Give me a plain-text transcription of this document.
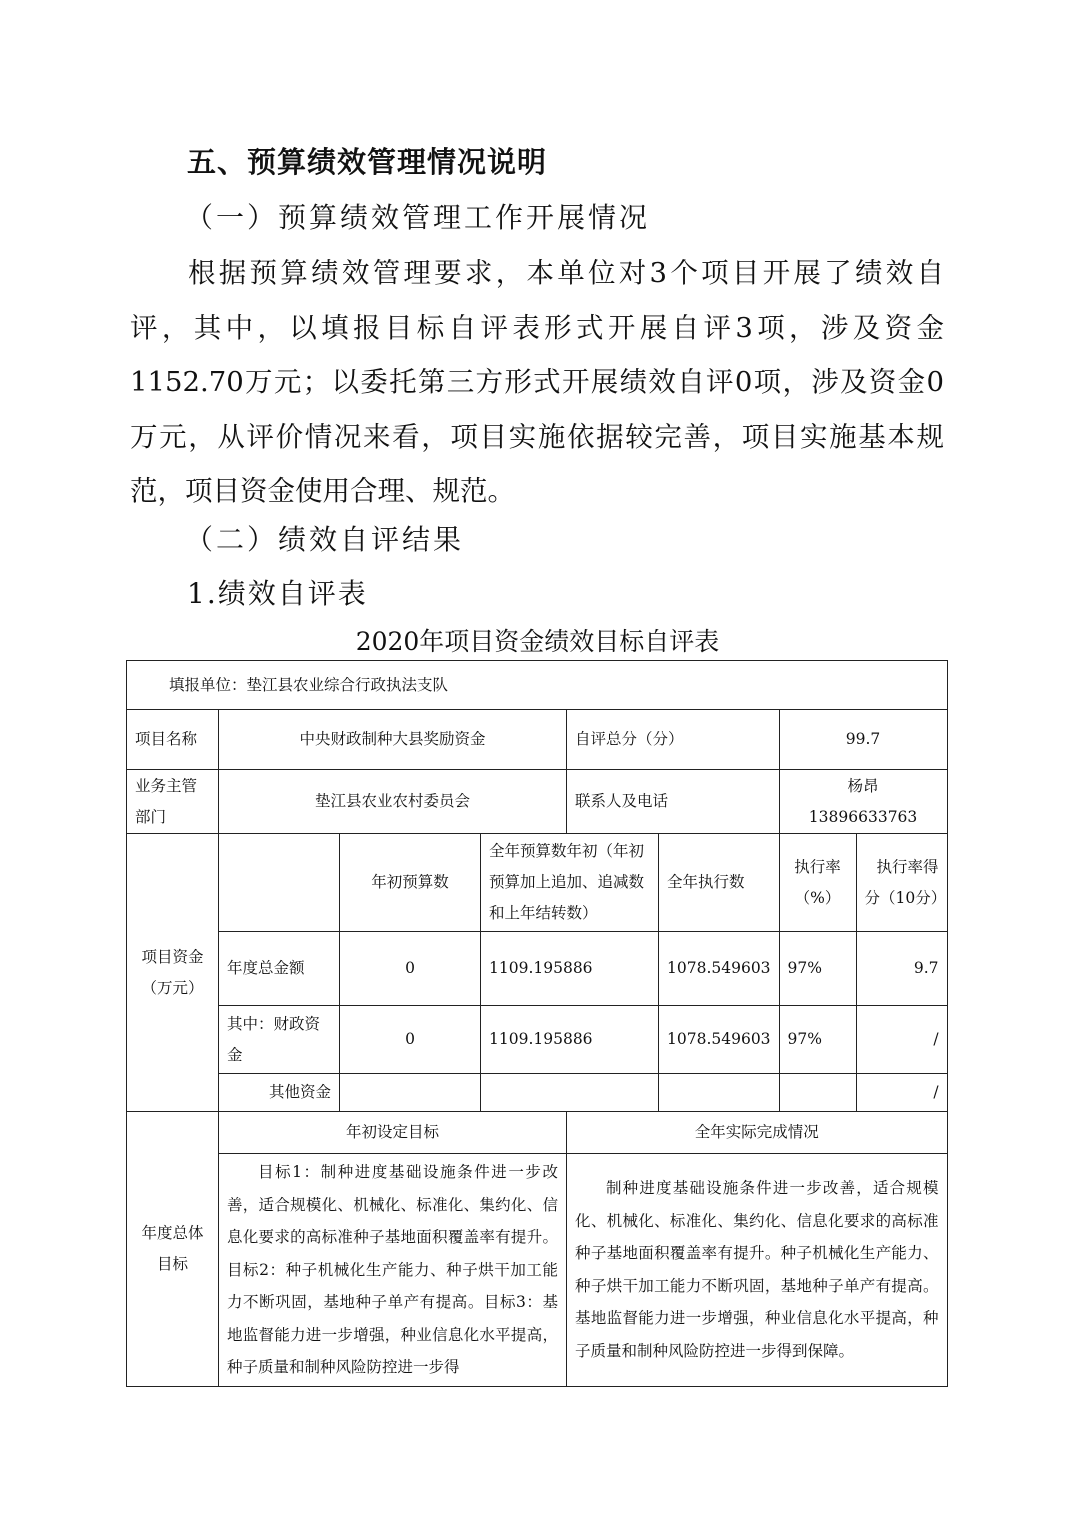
五、预算绩效管理情况说明
（一）预算绩效管理工作开展情况
根据预算绩效管理要求，本单位对3个项目开展了绩效自
评，其中，以填报目标自评表形式开展自评3项，涉及资金
1152.70万元；以委托第三方形式开展绩效自评0项，涉及资金0
万元，从评价情况来看，项目实施依据较完善，项目实施基本规
范，项目资金使用合理、规范。
（二）绩效自评结果
1.绩效自评表
2020年项目资金绩效目标自评表
填报单位：垫江县农业综合行政执法支队							
项目名称	中央财政制种大县奖励资金			自评总分（分）		99.7	
业务主管部门	垫江县农业农村委员会			联系人及电话		杨昂
13896633763	

项目资金（万元）		年初预算数	全年预算数年初（年初预算加上追加、追减数和上年结转数）		全年执行数	执行率（%）	执行率得分（10分）
	年度总金额	0	1109.195886		1078.549603	97%	9.7
	其中：财政资金	0	1109.195886		1078.549603	97%	/
	其他资金						/
年度总体目标	年初设定目标			全年实际完成情况			
	目标1：制种进度基础设施条件进一步改善，适合规模化、机械化、标准化、集约化、信息化要求的高标准种子基地面积覆盖率有提升。目标2：种子机械化生产能力、种子烘干加工能力不断巩固，基地种子单产有提高。目标3：基地监督能力进一步增强，种业信息化水平提高，种子质量和制种风险防控进一步得			制种进度基础设施条件进一步改善，适合规模化、机械化、标准化、集约化、信息化要求的高标准种子基地面积覆盖率有提升。种子机械化生产能力、种子烘干加工能力不断巩固，基地种子单产有提高。基地监督能力进一步增强，种业信息化水平提高，种子质量和制种风险防控进一步得到保障。			
